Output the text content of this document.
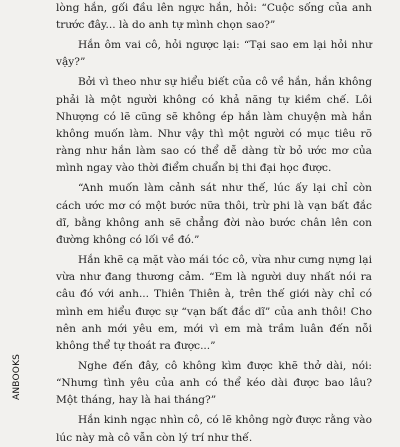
lòng hắn, gối đầu lên ngực hắn, hỏi: “Cuộc sống của anh trước đây... là do anh tự mình chọn sao?”

Hắn ôm vai cô, hỏi ngược lại: “Tại sao em lại hỏi như vậy?”

Bởi vì theo như sự hiểu biết của cô về hắn, hắn không phải là một người không có khả năng tự kiềm chế. Lôi Nhượng có lẽ cũng sẽ không ép hắn làm chuyện mà hắn không muốn làm. Như vậy thì một người có mục tiêu rõ ràng như hắn làm sao có thể dễ dàng từ bỏ ước mơ của mình ngay vào thời điểm chuẩn bị thi đại học được.

“Anh muốn làm cảnh sát như thế, lúc ấy lại chỉ còn cách ước mơ có một bước nữa thôi, trừ phi là vạn bất đắc dĩ, bằng không anh sẽ chẳng đời nào bước chân lên con đường không có lối về đó.”

Hắn khẽ cạ mặt vào mái tóc cô, vừa như cưng nựng lại vừa như đang thương cảm. “Em là người duy nhất nói ra câu đó với anh... Thiên Thiên à, trên thế giới này chỉ có mình em hiểu được sự “vạn bất đắc dĩ” của anh thôi! Cho nên anh mới yêu em, mới vì em mà trầm luân đến nỗi không thể tự thoát ra được...”

Nghe đến đây, cô không kìm được khẽ thở dài, nói: “Nhưng tình yêu của anh có thể kéo dài được bao lâu? Một tháng, hay là hai tháng?”

Hắn kinh ngạc nhìn cô, có lẽ không ngờ được rằng vào lúc này mà cô vẫn còn lý trí như thế.

ANBOOKS
